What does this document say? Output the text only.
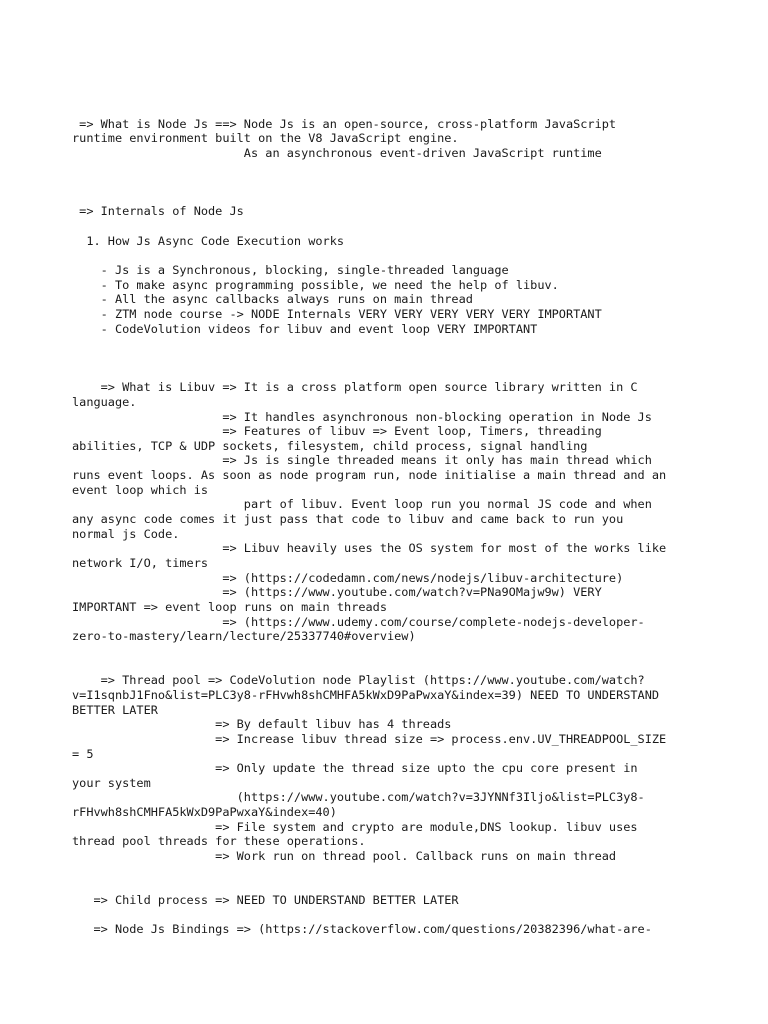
=> What is Node Js ==> Node Js is an open-source, cross-platform JavaScript
runtime environment built on the V8 JavaScript engine.
As an asynchronous event-driven JavaScript runtime
=> Internals of Node Js
1. How Js Async Code Execution works
- Js is a Synchronous, blocking, single-threaded language
- To make async programming possible, we need the help of libuv.
- All the async callbacks always runs on main thread
- ZTM node course -> NODE Internals VERY VERY VERY VERY VERY IMPORTANT
- CodeVolution videos for libuv and event loop VERY IMPORTANT
=> What is Libuv => It is a cross platform open source library written in C
language.
=> It handles asynchronous non-blocking operation in Node Js
=> Features of libuv => Event loop, Timers, threading
abilities, TCP & UDP sockets, filesystem, child process, signal handling
=> Js is single threaded means it only has main thread which
runs event loops. As soon as node program run, node initialise a main thread and an
event loop which is
part of libuv. Event loop run you normal JS code and when
any async code comes it just pass that code to libuv and came back to run you
normal js Code.
=> Libuv heavily uses the OS system for most of the works like
network I/O, timers
=> (https://codedamn.com/news/nodejs/libuv-architecture)
=> (https://www.youtube.com/watch?v=PNa9OMajw9w) VERY
IMPORTANT => event loop runs on main threads
=> (https://www.udemy.com/course/complete-nodejs-developer-
zero-to-mastery/learn/lecture/25337740#overview)
=> Thread pool => CodeVolution node Playlist (https://www.youtube.com/watch?
v=I1sqnbJ1Fno&list=PLC3y8-rFHvwh8shCMHFA5kWxD9PaPwxaY&index=39) NEED TO UNDERSTAND
BETTER LATER
=> By default libuv has 4 threads
=> Increase libuv thread size => process.env.UV_THREADPOOL_SIZE
= 5
=> Only update the thread size upto the cpu core present in
your system
(https://www.youtube.com/watch?v=3JYNNf3Iljo&list=PLC3y8-
rFHvwh8shCMHFA5kWxD9PaPwxaY&index=40)
=> File system and crypto are module,DNS lookup. libuv uses
thread pool threads for these operations.
=> Work run on thread pool. Callback runs on main thread
=> Child process => NEED TO UNDERSTAND BETTER LATER
=> Node Js Bindings => (https://stackoverflow.com/questions/20382396/what-are-
